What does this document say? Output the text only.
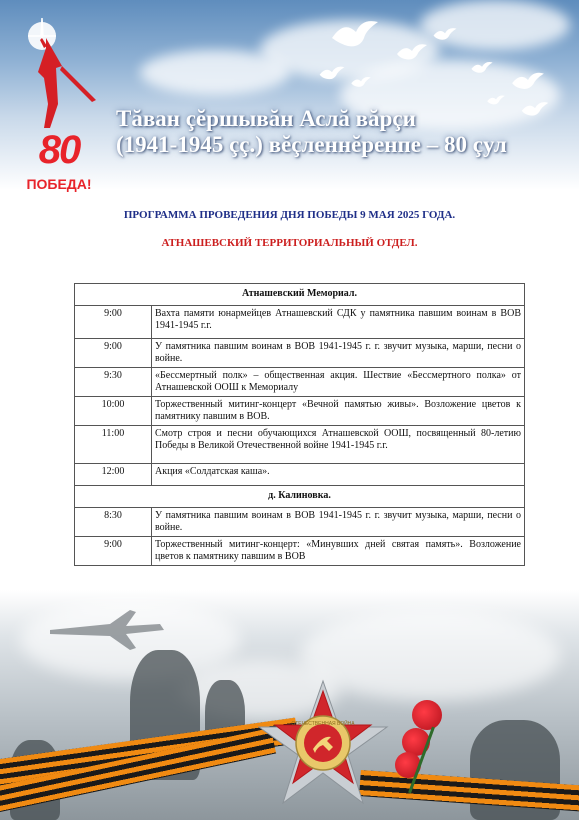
80
ПОБЕДА!
Тăван çĕршывăн Аслă вăрçи
(1941-1945 çç.) вĕçленнĕренпе – 80 çул
ПРОГРАММА ПРОВЕДЕНИЯ ДНЯ ПОБЕДЫ 9 МАЯ 2025 ГОДА.
АТНАШЕВСКИЙ ТЕРРИТОРИАЛЬНЫЙ ОТДЕЛ.
Атнашевский Мемориал.	
9:00	Вахта памяти юнармейцев Атнашевский СДК у памятника павшим воинам в ВОВ 1941-1945 г.г.
9:00	У памятника павшим воинам в ВОВ 1941-1945 г. г. звучит музыка, марши, песни о войне.
9:30	«Бессмертный полк» – общественная акция. Шествие «Бессмертного полка» от Атнашевской ООШ к Мемориалу
10:00	Торжественный митинг-концерт «Вечной памятью живы». Возложение цветов к памятнику павшим в ВОВ.
11:00	Смотр строя и песни обучающихся Атнашевской ООШ, посвященный 80-летию Победы в Великой Отечественной войне 1941-1945 г.г.
12:00	Акция «Солдатская каша».
д. Калиновка.	
8:30	У памятника павшим воинам в ВОВ 1941-1945 г. г. звучит музыка, марши, песни о войне.
9:00	Торжественный митинг-концерт: «Минувших дней святая память». Возложение цветов к памятнику павшим в ВОВ
ОТЕЧЕСТВЕННАЯ ВОЙНА
